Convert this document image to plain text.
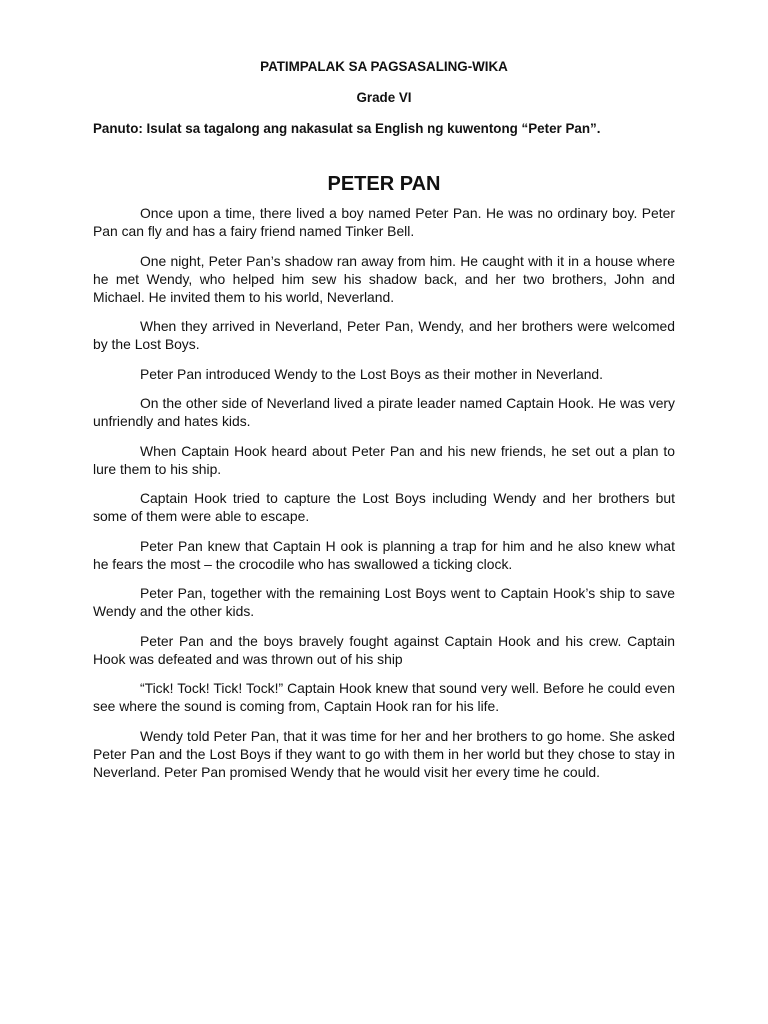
PATIMPALAK SA PAGSASALING-WIKA

Grade VI

Panuto: Isulat sa tagalong ang nakasulat sa English ng kuwentong “Peter Pan”.

PETER PAN

Once upon a time, there lived a boy named Peter Pan. He was no ordinary boy. Peter Pan can fly and has a fairy friend named Tinker Bell.

One night, Peter Pan’s shadow ran away from him. He caught with it in a house where he met Wendy, who helped him sew his shadow back, and her two brothers, John and Michael. He invited them to his world, Neverland.

When they arrived in Neverland, Peter Pan, Wendy, and her brothers were welcomed by the Lost Boys.

Peter Pan introduced Wendy to the Lost Boys as their mother in Neverland.

On the other side of Neverland lived a pirate leader named Captain Hook. He was very unfriendly and hates kids.

When Captain Hook heard about Peter Pan and his new friends, he set out a plan to lure them to his ship.

Captain Hook tried to capture the Lost Boys including Wendy and her brothers but some of them were able to escape.

Peter Pan knew that Captain H ook is planning a trap for him and he also knew what he fears the most – the crocodile who has swallowed a ticking clock.

Peter Pan, together with the remaining Lost Boys went to Captain Hook’s ship to save Wendy and the other kids.

Peter Pan and the boys bravely fought against Captain Hook and his crew. Captain Hook was defeated and was thrown out of his ship

“Tick! Tock! Tick! Tock!” Captain Hook knew that sound very well. Before he could even see where the sound is coming from, Captain Hook ran for his life.

Wendy told Peter Pan, that it was time for her and her brothers to go home. She asked Peter Pan and the Lost Boys if they want to go with them in her world but they chose to stay in Neverland. Peter Pan promised Wendy that he would visit her every time he could.
